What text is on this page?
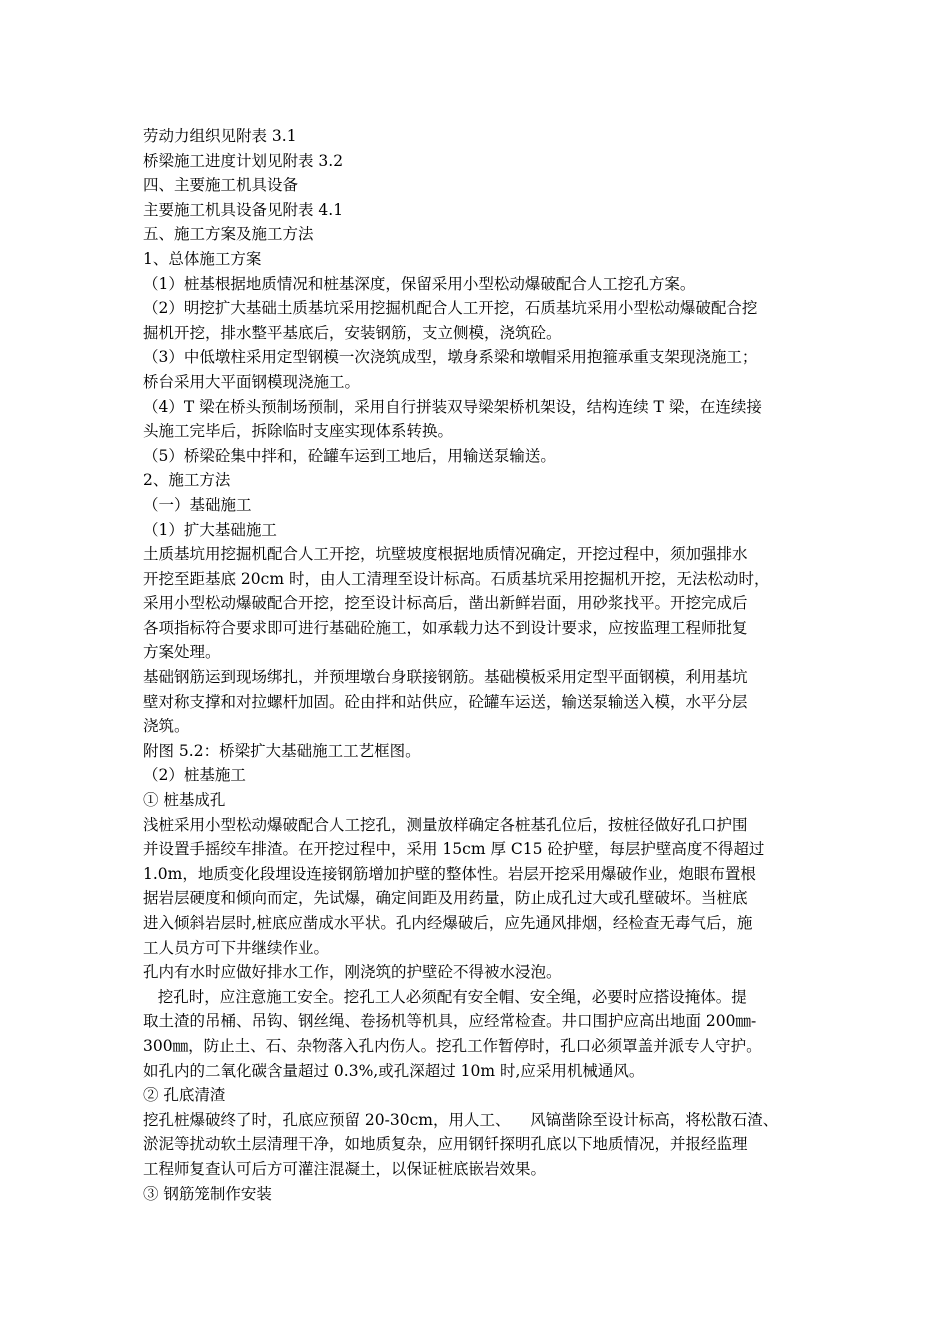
劳动力组织见附表 3.1
桥梁施工进度计划见附表 3.2
四、主要施工机具设备
主要施工机具设备见附表 4.1
五、施工方案及施工方法
1、总体施工方案
（1）桩基根据地质情况和桩基深度，保留采用小型松动爆破配合人工挖孔方案。
（2）明挖扩大基础土质基坑采用挖掘机配合人工开挖，石质基坑采用小型松动爆破配合挖
掘机开挖，排水整平基底后，安装钢筋，支立侧模，浇筑砼。
（3）中低墩柱采用定型钢模一次浇筑成型，墩身系梁和墩帽采用抱箍承重支架现浇施工；
桥台采用大平面钢模现浇施工。
（4）T 梁在桥头预制场预制，采用自行拼装双导梁架桥机架设，结构连续 T 梁，在连续接
头施工完毕后，拆除临时支座实现体系转换。
（5）桥梁砼集中拌和，砼罐车运到工地后，用输送泵输送。
2、施工方法
（一）基础施工
（1）扩大基础施工
土质基坑用挖掘机配合人工开挖，坑壁坡度根据地质情况确定，开挖过程中，须加强排水
开挖至距基底 20cm 时，由人工清理至设计标高。石质基坑采用挖掘机开挖，无法松动时，
采用小型松动爆破配合开挖，挖至设计标高后，凿出新鲜岩面，用砂浆找平。开挖完成后
各项指标符合要求即可进行基础砼施工，如承载力达不到设计要求，应按监理工程师批复
方案处理。
基础钢筋运到现场绑扎，并预埋墩台身联接钢筋。基础模板采用定型平面钢模，利用基坑
壁对称支撑和对拉螺杆加固。砼由拌和站供应，砼罐车运送，输送泵输送入模，水平分层
浇筑。
附图 5.2：桥梁扩大基础施工工艺框图。
（2）桩基施工
① 桩基成孔
浅桩采用小型松动爆破配合人工挖孔，测量放样确定各桩基孔位后，按桩径做好孔口护围
并设置手摇绞车排渣。在开挖过程中，采用 15cm 厚 C15 砼护壁，每层护壁高度不得超过
1.0m，地质变化段埋设连接钢筋增加护壁的整体性。岩层开挖采用爆破作业，炮眼布置根
据岩层硬度和倾向而定，先试爆，确定间距及用药量，防止成孔过大或孔壁破坏。当桩底
进入倾斜岩层时,桩底应凿成水平状。孔内经爆破后，应先通风排烟，经检查无毒气后，施
工人员方可下井继续作业。
孔内有水时应做好排水工作，刚浇筑的护壁砼不得被水浸泡。
挖孔时，应注意施工安全。挖孔工人必须配有安全帽、安全绳，必要时应搭设掩体。提
取土渣的吊桶、吊钩、钢丝绳、卷扬机等机具，应经常检查。井口围护应高出地面 200㎜-
300㎜，防止土、石、杂物落入孔内伤人。挖孔工作暂停时，孔口必须罩盖并派专人守护。
如孔内的二氧化碳含量超过 0.3%,或孔深超过 10m 时,应采用机械通风。
② 孔底清渣
挖孔桩爆破终了时，孔底应预留 20-30cm，用人工、    风镐凿除至设计标高，将松散石渣、
淤泥等扰动软土层清理干净，如地质复杂，应用钢钎探明孔底以下地质情况，并报经监理
工程师复查认可后方可灌注混凝土，以保证桩底嵌岩效果。
③ 钢筋笼制作安装
